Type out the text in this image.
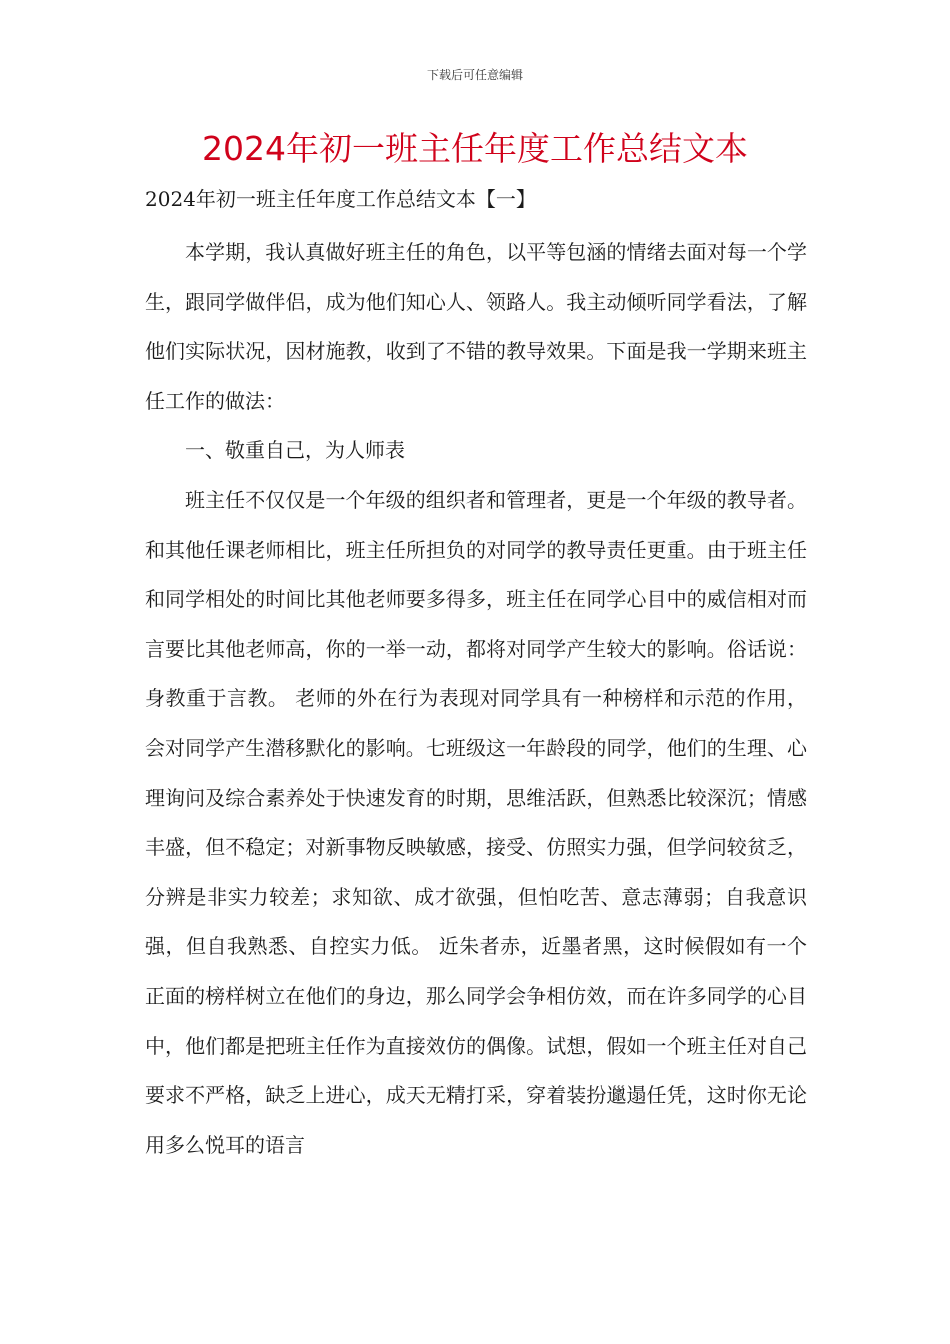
下载后可任意编辑
2024年初一班主任年度工作总结文本
2024年初一班主任年度工作总结文本【一】

本学期，我认真做好班主任的角色，以平等包涵的情绪去面对每一个学生，跟同学做伴侣，成为他们知心人、领路人。我主动倾听同学看法，了解他们实际状况，因材施教，收到了不错的教导效果。下面是我一学期来班主任工作的做法：

一、敬重自己，为人师表

班主任不仅仅是一个年级的组织者和管理者，更是一个年级的教导者。和其他任课老师相比，班主任所担负的对同学的教导责任更重。由于班主任和同学相处的时间比其他老师要多得多，班主任在同学心目中的威信相对而言要比其他老师高，你的一举一动，都将对同学产生较大的影响。俗话说： 身教重于言教。 老师的外在行为表现对同学具有一种榜样和示范的作用，会对同学产生潜移默化的影响。七班级这一年龄段的同学，他们的生理、心理询问及综合素养处于快速发育的时期，思维活跃，但熟悉比较深沉；情感丰盛，但不稳定；对新事物反映敏感，接受、仿照实力强，但学问较贫乏，分辨是非实力较差；求知欲、成才欲强，但怕吃苦、意志薄弱；自我意识强，但自我熟悉、自控实力低。 近朱者赤，近墨者黑，这时候假如有一个正面的榜样树立在他们的身边，那么同学会争相仿效，而在许多同学的心目中，他们都是把班主任作为直接效仿的偶像。试想，假如一个班主任对自己要求不严格，缺乏上进心，成天无精打采，穿着装扮邋遢任凭，这时你无论用多么悦耳的语言
